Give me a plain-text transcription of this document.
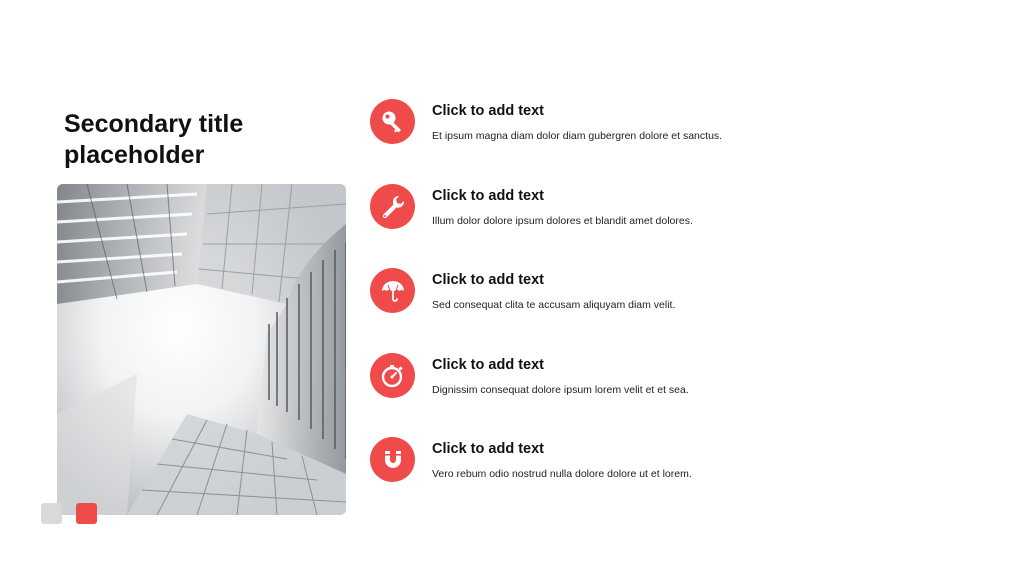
Secondary title placeholder
Click to add text
Et ipsum magna diam dolor diam gubergren dolore et sanctus.
Click to add text
Illum dolor dolore ipsum dolores et blandit amet dolores.
Click to add text
Sed consequat clita te accusam aliquyam diam velit.
Click to add text
Dignissim consequat dolore ipsum lorem velit et et sea.
Click to add text
Vero rebum odio nostrud nulla dolore dolore ut et lorem.
